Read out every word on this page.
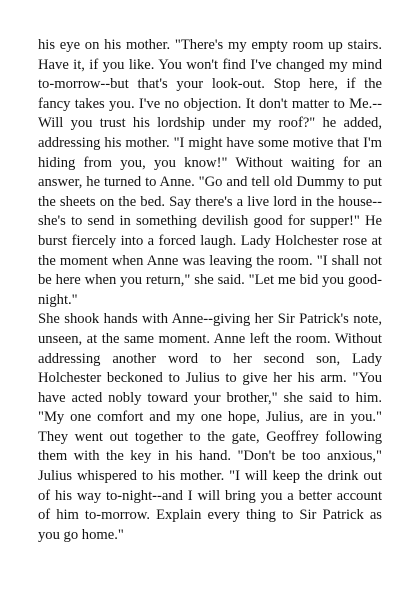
his eye on his mother. "There's my empty room up stairs. Have it, if you like. You won't find I've changed my mind to-morrow--but that's your look-out. Stop here, if the fancy takes you. I've no objection. It don't matter to Me.--Will you trust his lordship under my roof?" he added, addressing his mother. "I might have some motive that I'm hiding from you, you know!" Without waiting for an answer, he turned to Anne. "Go and tell old Dummy to put the sheets on the bed. Say there's a live lord in the house--she's to send in something devilish good for supper!" He burst fiercely into a forced laugh. Lady Holchester rose at the moment when Anne was leaving the room. "I shall not be here when you return," she said. "Let me bid you good-night."

She shook hands with Anne--giving her Sir Patrick's note, unseen, at the same moment. Anne left the room. Without addressing another word to her second son, Lady Holchester beckoned to Julius to give her his arm. "You have acted nobly toward your brother," she said to him. "My one comfort and my one hope, Julius, are in you." They went out together to the gate, Geoffrey following them with the key in his hand. "Don't be too anxious," Julius whispered to his mother. "I will keep the drink out of his way to-night--and I will bring you a better account of him to-morrow. Explain every thing to Sir Patrick as you go home."
